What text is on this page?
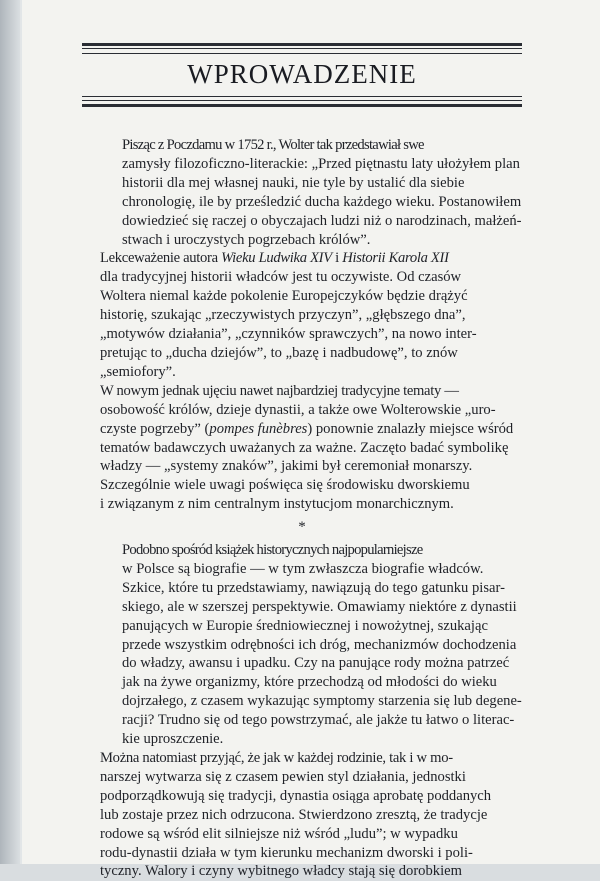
WPROWADZENIE
Pisząc z Poczdamu w 1752 r., Wolter tak przedstawiał swe
zamysły filozoficzno-literackie: „Przed piętnastu laty ułożyłem plan
historii dla mej własnej nauki, nie tyle by ustalić dla siebie
chronologię, ile by prześledzić ducha każdego wieku. Postanowiłem
dowiedzieć się raczej o obyczajach ludzi niż o narodzinach, małżeń-
stwach i uroczystych pogrzebach królów”.
Lekceważenie autora Wieku Ludwika XIV i Historii Karola XII
dla tradycyjnej historii władców jest tu oczywiste. Od czasów
Woltera niemal każde pokolenie Europejczyków będzie drążyć
historię, szukając „rzeczywistych przyczyn”, „głębszego dna”,
„motywów działania”, „czynników sprawczych”, na nowo inter-
pretując to „ducha dziejów”, to „bazę i nadbudowę”, to znów
„semiofory”.
W nowym jednak ujęciu nawet najbardziej tradycyjne tematy —
osobowość królów, dzieje dynastii, a także owe Wolterowskie „uro-
czyste pogrzeby” (pompes funèbres) ponownie znalazły miejsce wśród
tematów badawczych uważanych za ważne. Zaczęto badać symbolikę
władzy — „systemy znaków”, jakimi był ceremoniał monarszy.
Szczególnie wiele uwagi poświęca się środowisku dworskiemu
i związanym z nim centralnym instytucjom monarchicznym.
*
Podobno spośród książek historycznych najpopularniejsze
w Polsce są biografie — w tym zwłaszcza biografie władców.
Szkice, które tu przedstawiamy, nawiązują do tego gatunku pisar-
skiego, ale w szerszej perspektywie. Omawiamy niektóre z dynastii
panujących w Europie średniowiecznej i nowożytnej, szukając
przede wszystkim odrębności ich dróg, mechanizmów dochodzenia
do władzy, awansu i upadku. Czy na panujące rody można patrzeć
jak na żywe organizmy, które przechodzą od młodości do wieku
dojrzałego, z czasem wykazując symptomy starzenia się lub degene-
racji? Trudno się od tego powstrzymać, ale jakże tu łatwo o literac-
kie uproszczenie.
Można natomiast przyjąć, że jak w każdej rodzinie, tak i w mo-
narszej wytwarza się z czasem pewien styl działania, jednostki
podporządkowują się tradycji, dynastia osiąga aprobatę poddanych
lub zostaje przez nich odrzucona. Stwierdzono zresztą, że tradycje
rodowe są wśród elit silniejsze niż wśród „ludu”; w wypadku
rodu-dynastii działa w tym kierunku mechanizm dworski i poli-
tyczny. Walory i czyny wybitnego władcy stają się dorobkiem
